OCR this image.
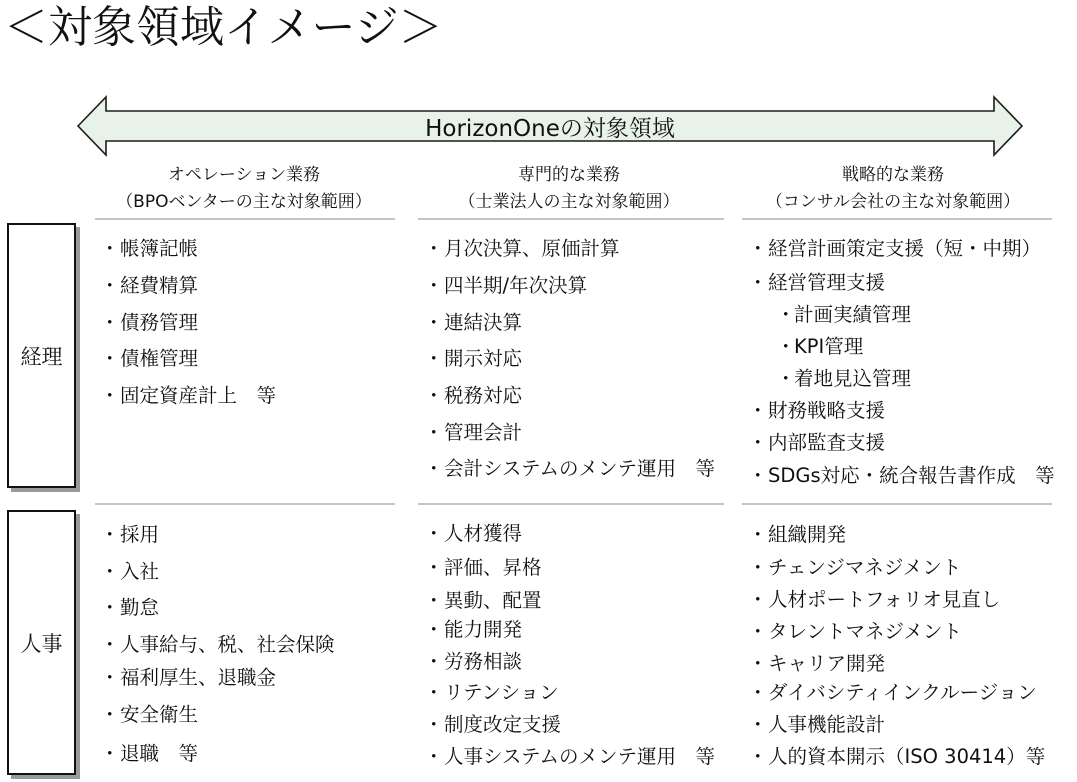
＜対象領域イメージ＞
HorizonOneの対象領域
オペレーション業務
（BPOベンターの主な対象範囲）
専門的な業務
（士業法人の主な対象範囲）
戦略的な業務
（コンサル会社の主な対象範囲）
経理
人事
・帳簿記帳
・経費精算
・債務管理
・債権管理
・固定資産計上　等
・月次決算、原価計算
・四半期/年次決算
・連結決算
・開示対応
・税務対応
・管理会計
・会計システムのメンテ運用　等
・経営計画策定支援（短・中期）
・経営管理支援
・計画実績管理
・KPI管理
・着地見込管理
・財務戦略支援
・内部監査支援
・SDGs対応・統合報告書作成　等
・採用
・入社
・勤怠
・人事給与、税、社会保険
・福利厚生、退職金
・安全衛生
・退職　等
・人材獲得
・評価、昇格
・異動、配置
・能力開発
・労務相談
・リテンション
・制度改定支援
・人事システムのメンテ運用　等
・組織開発
・チェンジマネジメント
・人材ポートフォリオ見直し
・タレントマネジメント
・キャリア開発
・ダイバシティインクルージョン
・人事機能設計
・人的資本開示（ISO 30414）等
